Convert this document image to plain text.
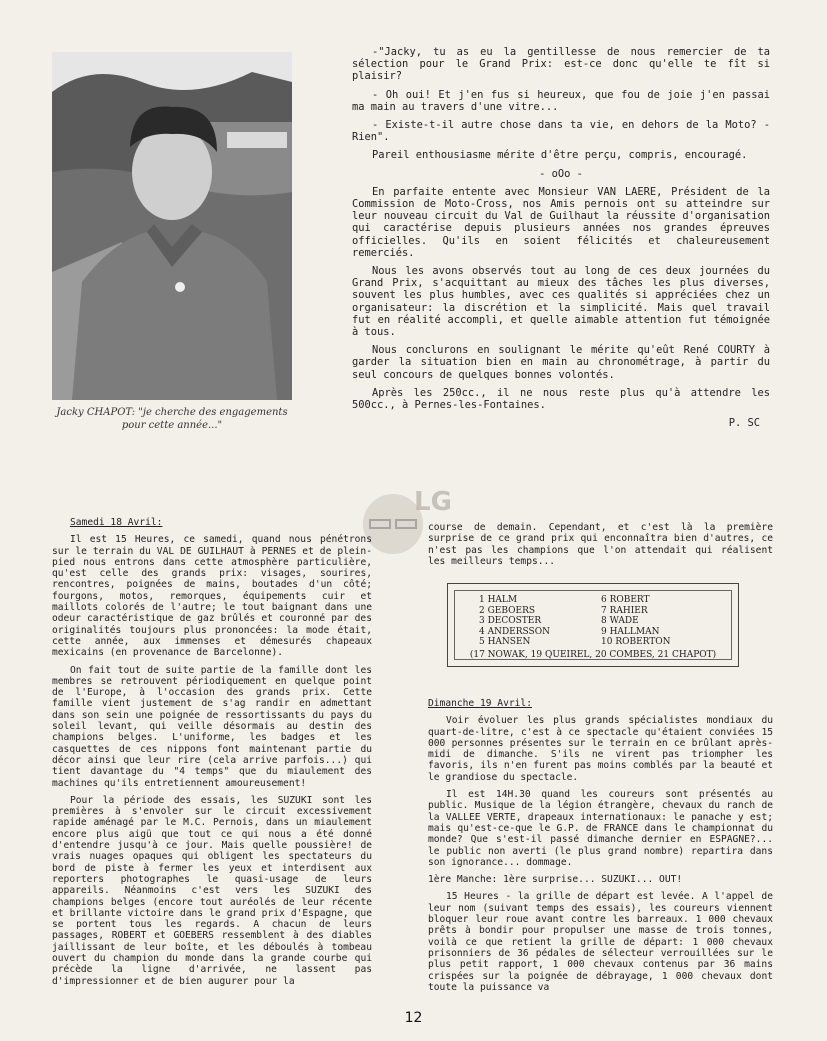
Jacky CHAPOT: "je cherche des engagements pour cette année..."

-"Jacky, tu as eu la gentillesse de nous remercier de ta sélection pour le Grand Prix: est-ce donc qu'elle te fît si plaisir?

- Oh oui! Et j'en fus si heureux, que fou de joie j'en passai ma main au travers d'une vitre...

- Existe-t-il autre chose dans ta vie, en dehors de la Moto? - Rien".

Pareil enthousiasme mérite d'être perçu, compris, encouragé.

- oOo -

En parfaite entente avec Monsieur VAN LAERE, Président de la Commission de Moto-Cross, nos Amis pernois ont su atteindre sur leur nouveau circuit du Val de Guilhaut la réussite d'organisation qui caractérise depuis plusieurs années nos grandes épreuves officielles. Qu'ils en soient félicités et chaleureusement remerciés.

Nous les avons observés tout au long de ces deux journées du Grand Prix, s'acquittant au mieux des tâches les plus diverses, souvent les plus humbles, avec ces qualités si appréciées chez un organisateur: la discrétion et la simplicité. Mais quel travail fut en réalité accompli, et quelle aimable attention fut témoignée à tous.

Nous conclurons en soulignant le mérite qu'eût René COURTY à garder la situation bien en main au chronométrage, à partir du seul concours de quelques bonnes volontés.

Après les 250cc., il ne nous reste plus qu'à attendre les 500cc., à Pernes-les-Fontaines.

P. SC

LG

Samedi 18 Avril:

Il est 15 Heures, ce samedi, quand nous pénétrons sur le terrain du VAL DE GUILHAUT à PERNES et de plein-pied nous entrons dans cette atmosphère particulière, qu'est celle des grands prix: visages, sourires, rencontres, poignées de mains, boutades d'un côté; fourgons, motos, remorques, équipements cuir et maillots colorés de l'autre; le tout baignant dans une odeur caractéristique de gaz brûlés et couronné par des originalités toujours plus prononcées: la mode était, cette année, aux immenses et démesurés chapeaux mexicains (en provenance de Barcelonne).

On fait tout de suite partie de la famille dont les membres se retrouvent périodiquement en quelque point de l'Europe, à l'occasion des grands prix. Cette famille vient justement de s'ag randir en admettant dans son sein une poignée de ressortissants du pays du soleil levant, qui veille désormais au destin des champions belges. L'uniforme, les badges et les casquettes de ces nippons font maintenant partie du décor ainsi que leur rire (cela arrive parfois...) qui tient davantage du "4 temps" que du miaulement des machines qu'ils entretiennent amoureusement!

Pour la période des essais, les SUZUKI sont les premières à s'envoler sur le circuit excessivement rapide aménagé par le M.C. Pernois, dans un miaulement encore plus aigü que tout ce qui nous a été donné d'entendre jusqu'à ce jour. Mais quelle poussière! de vrais nuages opaques qui obligent les spectateurs du bord de piste à fermer les yeux et interdisent aux reporters photographes le quasi-usage de leurs appareils. Néanmoins c'est vers les SUZUKI des champions belges (encore tout auréolés de leur récente et brillante victoire dans le grand prix d'Espagne, que se portent tous les regards. A chacun de leurs passages, ROBERT et GOEBERS ressemblent à des diables jaillissant de leur boîte, et les déboulés à tombeau ouvert du champion du monde dans la grande courbe qui précède la ligne d'arrivée, ne lassent pas d'impressionner et de bien augurer pour la

course de demain. Cependant, et c'est là la première surprise de ce grand prix qui enconnaîtra bien d'autres, ce n'est pas les champions que l'on attendait qui réalisent les meilleurs temps...

1 HALM	6 ROBERT
2 GEBOERS	7 RAHIER
3 DECOSTER	8 WADE
4 ANDERSSON	9 HALLMAN
5 HANSEN	10 ROBERTON
(17 NOWAK, 19 QUEIREL, 20 COMBES, 21 CHAPOT)

Dimanche 19 Avril:

Voir évoluer les plus grands spécialistes mondiaux du quart-de-litre, c'est à ce spectacle qu'étaient conviées 15 000 personnes présentes sur le terrain en ce brûlant après-midi de dimanche. S'ils ne virent pas triompher les favoris, ils n'en furent pas moins comblés par la beauté et le grandiose du spectacle.

Il est 14H.30 quand les coureurs sont présentés au public. Musique de la légion étrangère, chevaux du ranch de la VALLEE VERTE, drapeaux internationaux: le panache y est; mais qu'est-ce-que le G.P. de FRANCE dans le championnat du monde? Que s'est-il passé dimanche dernier en ESPAGNE?... le public non averti (le plus grand nombre) repartira dans son ignorance... dommage.

1ère Manche: 1ère surprise... SUZUKI... OUT!

15 Heures - la grille de départ est levée. A l'appel de leur nom (suivant temps des essais), les coureurs viennent bloquer leur roue avant contre les barreaux. 1 000 chevaux prêts à bondir pour propulser une masse de trois tonnes, voilà ce que retient la grille de départ: 1 000 chevaux prisonniers de 36 pédales de sélecteur verrouillées sur le plus petit rapport, 1 000 chevaux contenus par 36 mains crispées sur la poignée de débrayage, 1 000 chevaux dont toute la puissance va

12
